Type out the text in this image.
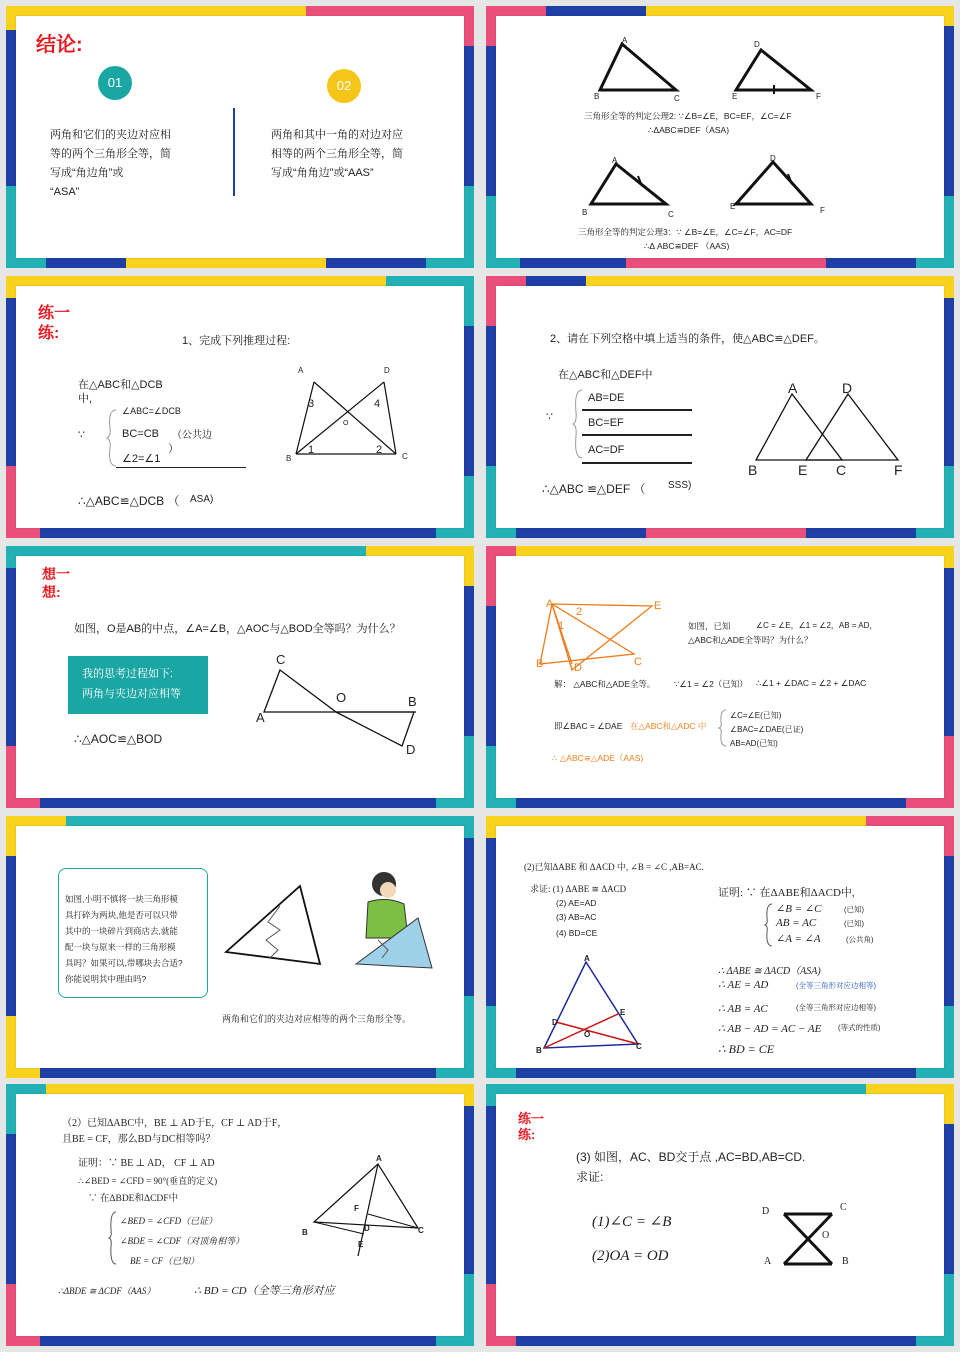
结论:
01	02
两角和它们的夹边对应相
等的两个三角形全等，简
写成“角边角”或
“ASA”
两角和其中一角的对边对应
相等的两个三角形全等，简
写成“角角边”或“AAS”
A
B	C
D
E	F
三角形全等的判定公理2: ∵∠B=∠E，BC=EF，∠C=∠F
∴ΔABC≌DEF（ASA)
A
B	C
D
E	F
三角形全等的判定公理3：∵ ∠B=∠E，∠C=∠F，AC=DF
∴Δ ABC≌DEF （AAS)
练一
练:	1、完成下列推理过程:
在△ABC和△DCB
中,
∵
∠ABC=∠DCB
BC=CB （公共边
）
∠2=∠1
∴△ABC≌△DCB （ ASA)
A	D
3	4
O
B
1	2
C
2、请在下列空格中填上适当的条件，使△ABC≌△DEF。
在△ABC和△DEF中
∵
AB=DE
BC=EF
AC=DF
∴△ABC ≌△DEF （ SSS)
A	D
B	E C	F
想一
想:
如图，O是AB的中点，∠A=∠B，△AOC与△BOD全等吗？为什么？
我的思考过程如下:
两角与夹边对应相等
∴△AOC≌△BOD
C
O	B
A
D
A	E
2
1
B	D	C
如图，已知	∠C = ∠E，∠1 = ∠2，AB = AD，
△ABC和△ADE全等吗？为什么？
解： △ABC和△ADE全等。 ∵∠1 = ∠2（已知） ∴∠1 + ∠DAC = ∠2 + ∠DAC
即∠BAC = ∠DAE 在△ABC和△ADC 中
∠C=∠E(已知)
∠BAC=∠DAE(已证)
AB=AD(已知)
∴ △ABC≌△ADE（AAS)
如图,小明不慎将一块三角形模
具打碎为两块,他是否可以只带
其中的一块碎片到商店去,就能
配一块与原来一样的三角形模
具吗？如果可以,带哪块去合适?
你能说明其中理由吗?
两角和它们的夹边对应相等的两个三角形全等。
(2)已知ΔABE 和 ΔACD 中, ∠B = ∠C ,AB=AC.
求证: (1) ΔABE ≅ ΔACD
(2) AE=AD
(3) AB=AC
(4) BD=CE
A
D
E
O
B	C
证明: ∵ 在ΔABE和ΔACD中,
∠B = ∠C	(已知)
AB = AC	(已知)
∠A = ∠A	(公共角)
∴ ΔABE ≅ ΔACD（ASA)
∴ AE = AD	(全等三角形对应边相等)
∴ AB = AC	(全等三角形对应边相等)
∴ AB − AD = AC − AE (等式的性质)
∴ BD = CE
（2）已知ΔABC中，BE ⊥ AD于E，CF ⊥ AD于F，
且BE = CF，那么BD与DC相等吗？
证明：∵ BE ⊥ AD， CF ⊥ AD
∴∠BED = ∠CFD = 90°(垂直的定义)
∵ 在ΔBDE和ΔCDF中
∠BED = ∠CFD（已证）
∠BDE = ∠CDF（对顶角相等）
BE = CF（已知）
∴ΔBDE ≅ ΔCDF（AAS）	∴ BD = CD（全等三角形对应
A
F
D
B	C
E
练一
练:
(3) 如图，AC、BD交于点 ,AC=BD,AB=CD.
求证:
(1)∠C = ∠B
(2)OA = OD
D	C
O
A	B
